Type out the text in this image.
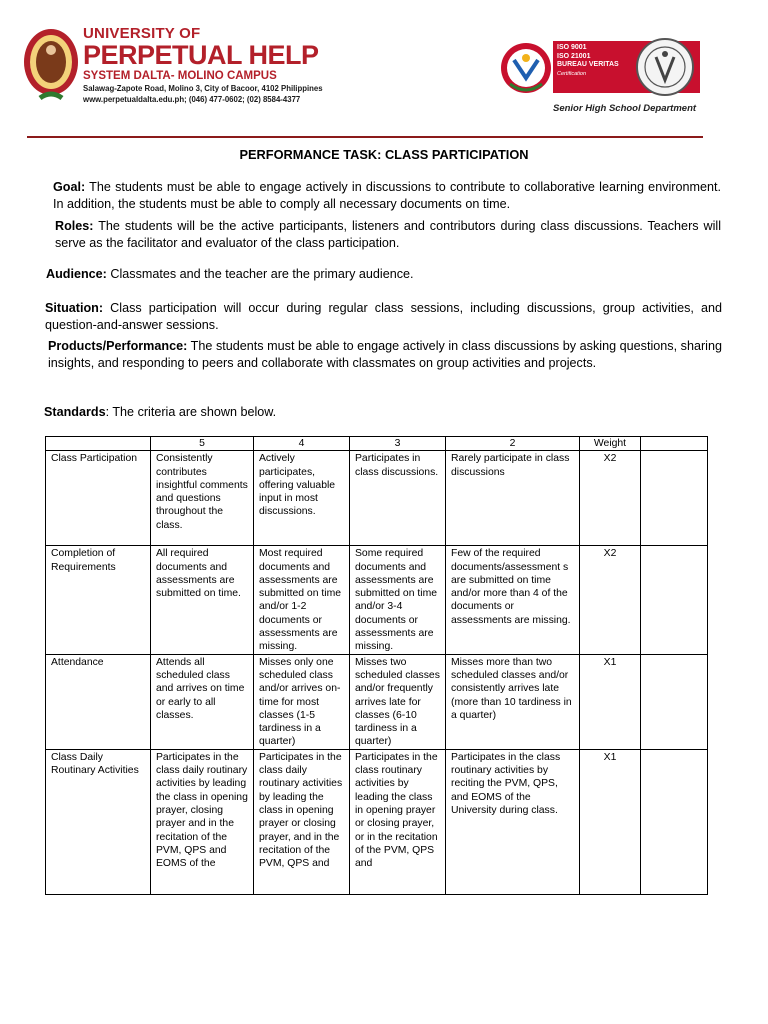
UNIVERSITY OF
PERPETUAL HELP
SYSTEM DALTA- MOLINO CAMPUS
Salawag-Zapote Road, Molino 3, City of Bacoor, 4102 Philippines
www.perpetualdalta.edu.ph; (046) 477-0602; (02) 8584-4377
ISO 9001
ISO 21001
BUREAU VERITAS
Certification
Senior High School Department
PERFORMANCE TASK: CLASS PARTICIPATION
Goal: The students must be able to engage actively in discussions to contribute to collaborative learning environment. In addition, the students must be able to comply all necessary documents on time.
Roles: The students will be the active participants, listeners and contributors during class discussions. Teachers will serve as the facilitator and evaluator of the class participation.
Audience: Classmates and the teacher are the primary audience.
Situation: Class participation will occur during regular class sessions, including discussions, group activities, and question-and-answer sessions.
Products/Performance: The students must be able to engage actively in class discussions by asking questions, sharing insights, and responding to peers and collaborate with classmates on group activities and projects.
Standards: The criteria are shown below.
	5	4	3	2	Weight	
Class Participation	Consistently contributes insightful comments and questions throughout the class.	Actively participates, offering valuable input in most discussions.	Participates in class discussions.	Rarely participate in class discussions	X2	
Completion of Requirements	All required documents and assessments are submitted on time.	Most required documents and assessments are submitted on time and/or 1-2 documents or assessments are missing.	Some required documents and assessments are submitted on time and/or 3-4 documents or assessments are missing.	Few of the required documents/assessment s are submitted on time and/or more than 4 of the documents or assessments are missing.	X2	
Attendance	Attends all scheduled class and arrives on time or early to all classes.	Misses only one scheduled class and/or arrives on-time for most classes (1-5 tardiness in a quarter)	Misses two scheduled classes and/or frequently arrives late for classes (6-10 tardiness in a quarter)	Misses more than two scheduled classes and/or consistently arrives late (more than 10 tardiness in a quarter)	X1	
Class Daily Routinary Activities	Participates in the class daily routinary activities by leading the class in opening prayer, closing prayer and in the recitation of the PVM, QPS and EOMS of the	Participates in the class daily routinary activities by leading the class in opening prayer or closing prayer, and in the recitation of the PVM, QPS and	Participates in the class routinary activities by leading the class in opening prayer or closing prayer, or in the recitation of the PVM, QPS and	Participates in the class routinary activities by reciting the PVM, QPS, and EOMS of the University during class.	X1	
